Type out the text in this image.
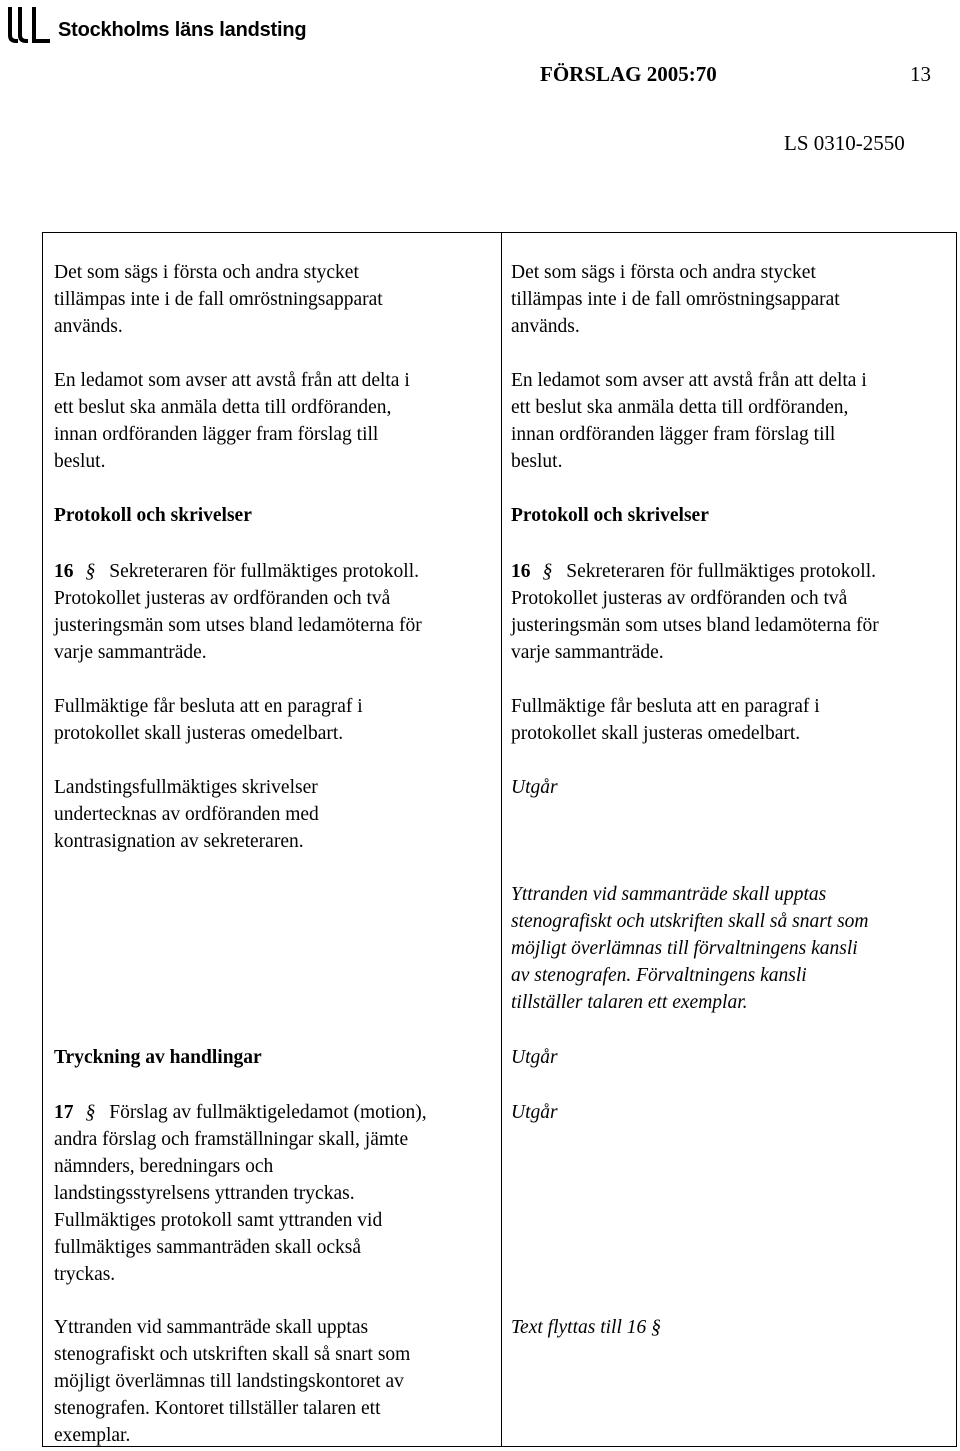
Stockholms läns landsting
FÖRSLAG 2005:70	13
LS 0310-2550
Det som sägs i första och andra stycket
tillämpas inte i de fall omröstningsapparat
används.
En ledamot som avser att avstå från att delta i
ett beslut ska anmäla detta till ordföranden,
innan ordföranden lägger fram förslag till
beslut.
Protokoll och skrivelser
16 § Sekreteraren för fullmäktiges protokoll.
Protokollet justeras av ordföranden och två
justeringsmän som utses bland ledamöterna för
varje sammanträde.
Fullmäktige får besluta att en paragraf i
protokollet skall justeras omedelbart.
Landstingsfullmäktiges skrivelser
undertecknas av ordföranden med
kontrasignation av sekreteraren.
Tryckning av handlingar
17 § Förslag av fullmäktigeledamot (motion),
andra förslag och framställningar skall, jämte
nämnders, beredningars och
landstingsstyrelsens yttranden tryckas.
Fullmäktiges protokoll samt yttranden vid
fullmäktiges sammanträden skall också
tryckas.
Yttranden vid sammanträde skall upptas
stenografiskt och utskriften skall så snart som
möjligt överlämnas till landstingskontoret av
stenografen. Kontoret tillställer talaren ett
exemplar.
Det som sägs i första och andra stycket
tillämpas inte i de fall omröstningsapparat
används.
En ledamot som avser att avstå från att delta i
ett beslut ska anmäla detta till ordföranden,
innan ordföranden lägger fram förslag till
beslut.
Protokoll och skrivelser
16 § Sekreteraren för fullmäktiges protokoll.
Protokollet justeras av ordföranden och två
justeringsmän som utses bland ledamöterna för
varje sammanträde.
Fullmäktige får besluta att en paragraf i
protokollet skall justeras omedelbart.
Utgår
Yttranden vid sammanträde skall upptas
stenografiskt och utskriften skall så snart som
möjligt överlämnas till förvaltningens kansli
av stenografen. Förvaltningens kansli
tillställer talaren ett exemplar.
Utgår
Utgår
Text flyttas till 16 §
